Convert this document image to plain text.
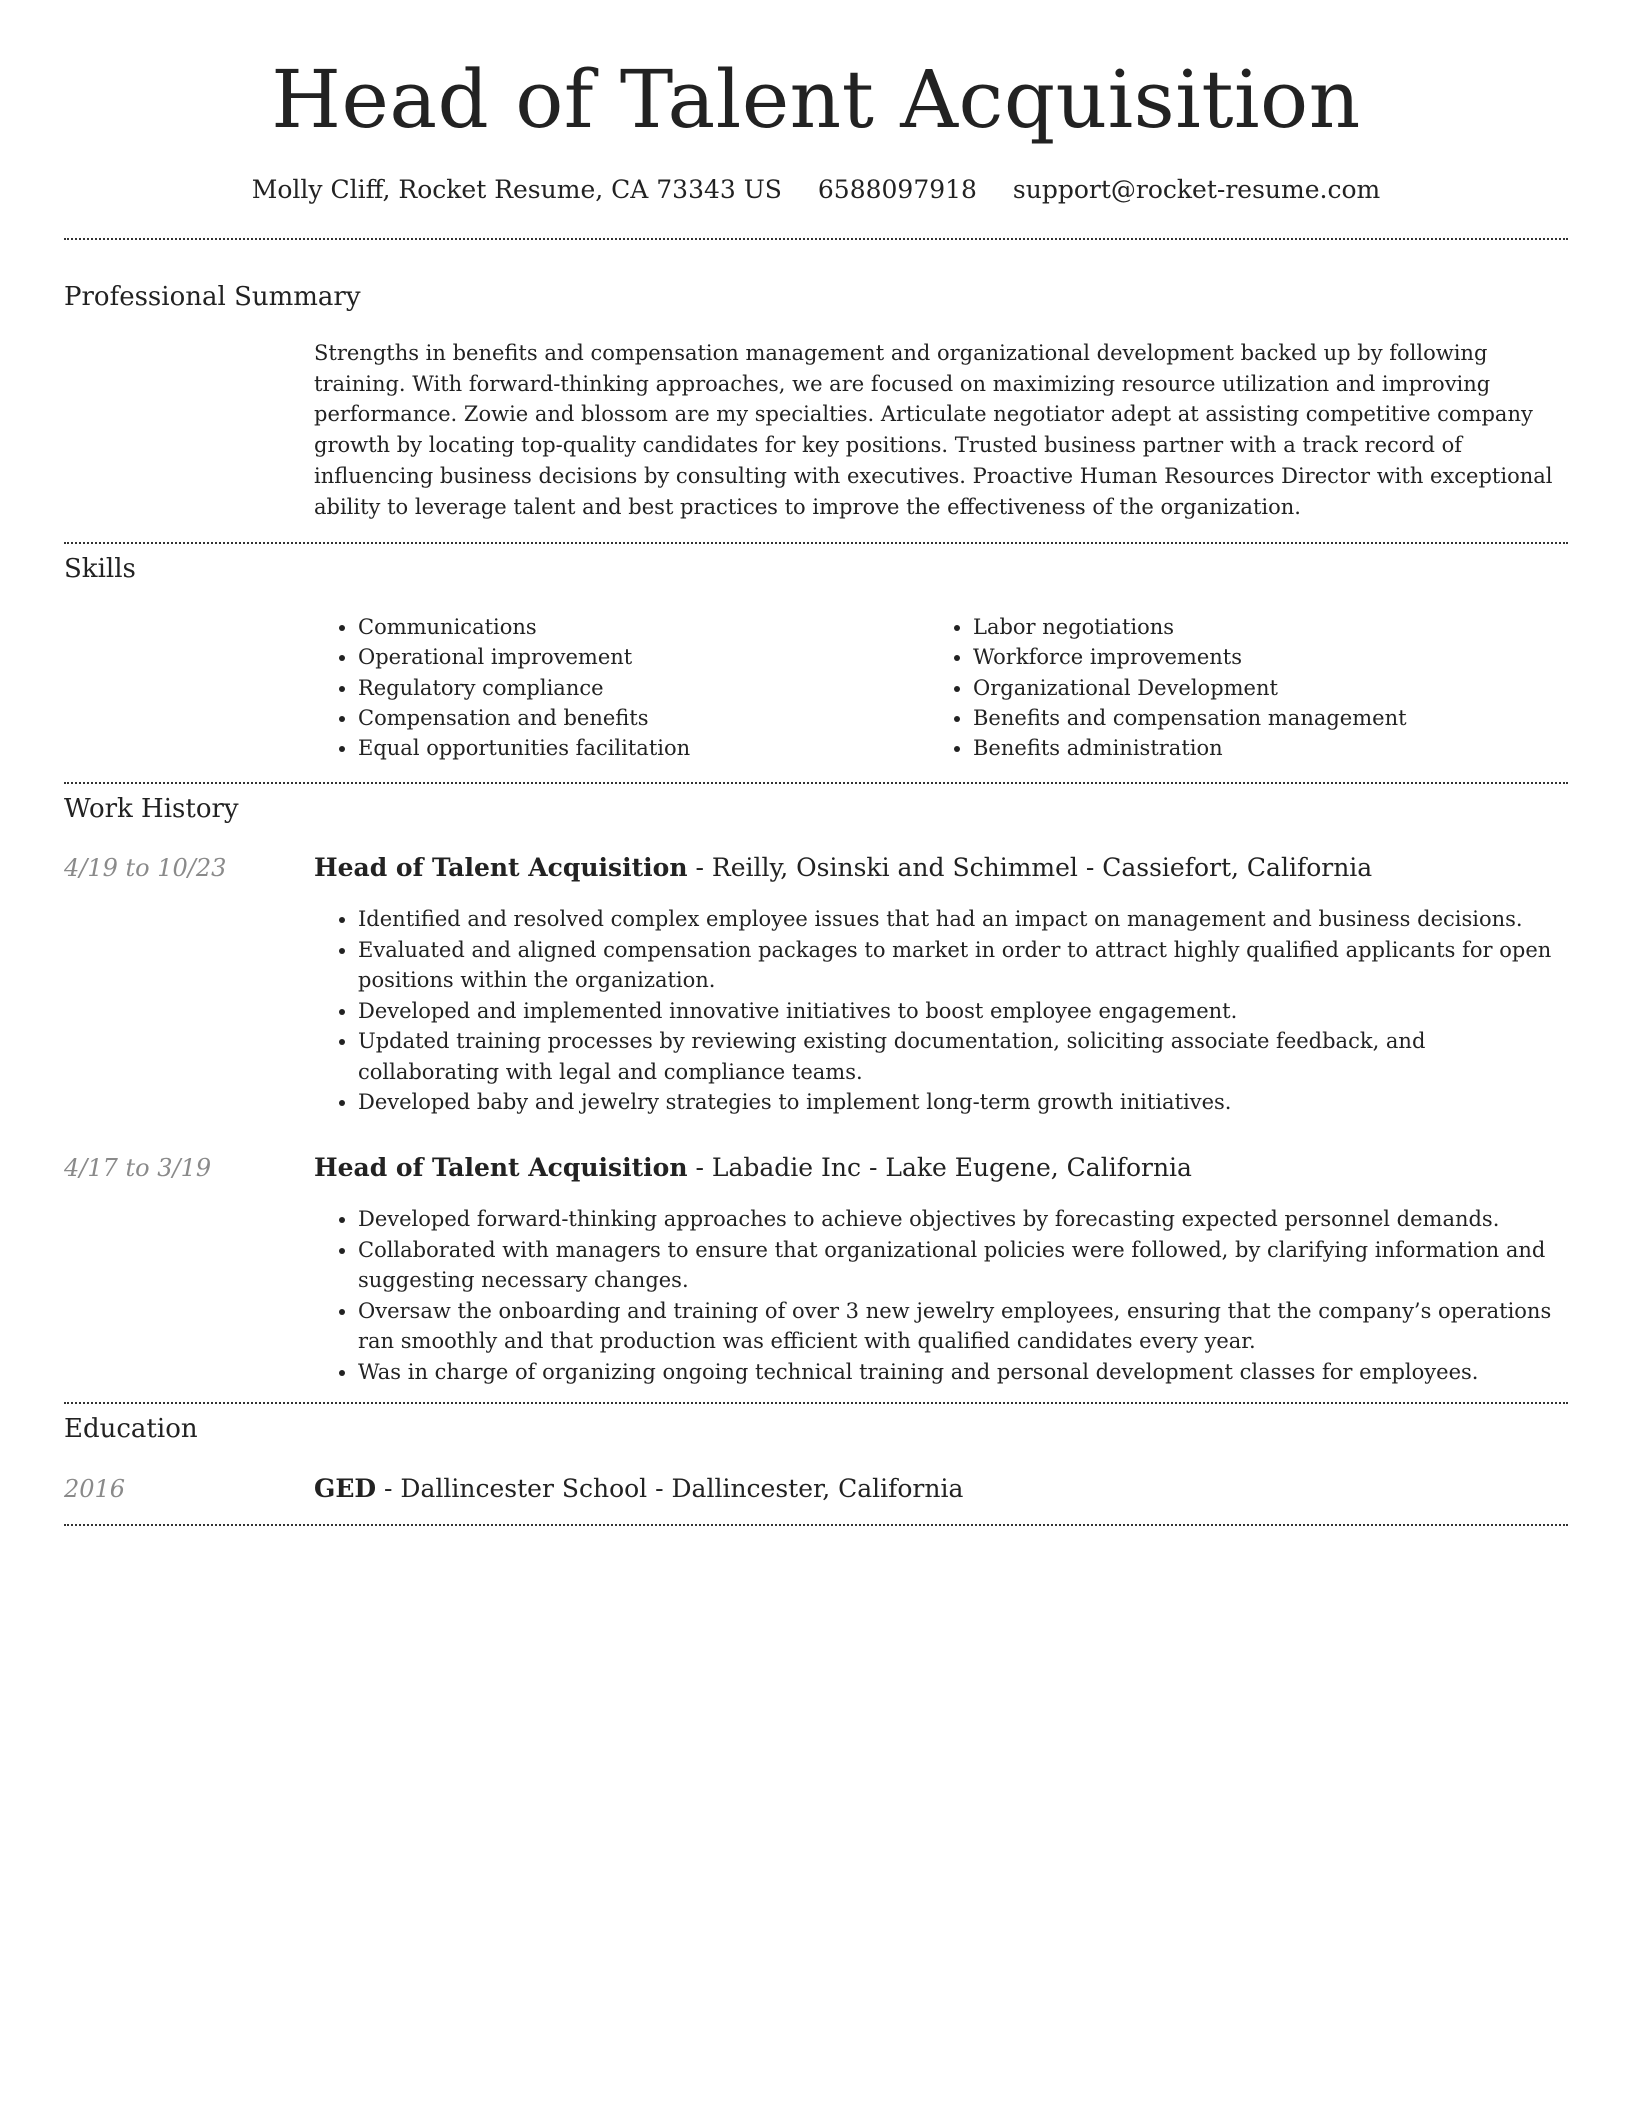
Head of Talent Acquisition
Molly Cliff, Rocket Resume, CA 73343 US 6588097918 support@rocket-resume.com
Professional Summary

Strengths in benefits and compensation management and organizational development backed up by following training. With forward-thinking approaches, we are focused on maximizing resource utilization and improving performance. Zowie and blossom are my specialties. Articulate negotiator adept at assisting competitive company growth by locating top-quality candidates for key positions. Trusted business partner with a track record of influencing business decisions by consulting with executives. Proactive Human Resources Director with exceptional ability to leverage talent and best practices to improve the effectiveness of the organization.

Skills
• Communications
• Operational improvement
• Regulatory compliance
• Compensation and benefits
• Equal opportunities facilitation
• Labor negotiations
• Workforce improvements
• Organizational Development
• Benefits and compensation management
• Benefits administration
Work History
4/19 to 10/23	Head of Talent Acquisition - Reilly, Osinski and Schimmel - Cassiefort, California
• Identified and resolved complex employee issues that had an impact on management and business decisions.
• Evaluated and aligned compensation packages to market in order to attract highly qualified applicants for open positions within the organization.
• Developed and implemented innovative initiatives to boost employee engagement.
• Updated training processes by reviewing existing documentation, soliciting associate feedback, and collaborating with legal and compliance teams.
• Developed baby and jewelry strategies to implement long-term growth initiatives.
4/17 to 3/19	Head of Talent Acquisition - Labadie Inc - Lake Eugene, California
• Developed forward-thinking approaches to achieve objectives by forecasting expected personnel demands.
• Collaborated with managers to ensure that organizational policies were followed, by clarifying information and suggesting necessary changes.
• Oversaw the onboarding and training of over 3 new jewelry employees, ensuring that the company’s operations ran smoothly and that production was efficient with qualified candidates every year.
• Was in charge of organizing ongoing technical training and personal development classes for employees.
Education
2016	GED - Dallincester School - Dallincester, California
